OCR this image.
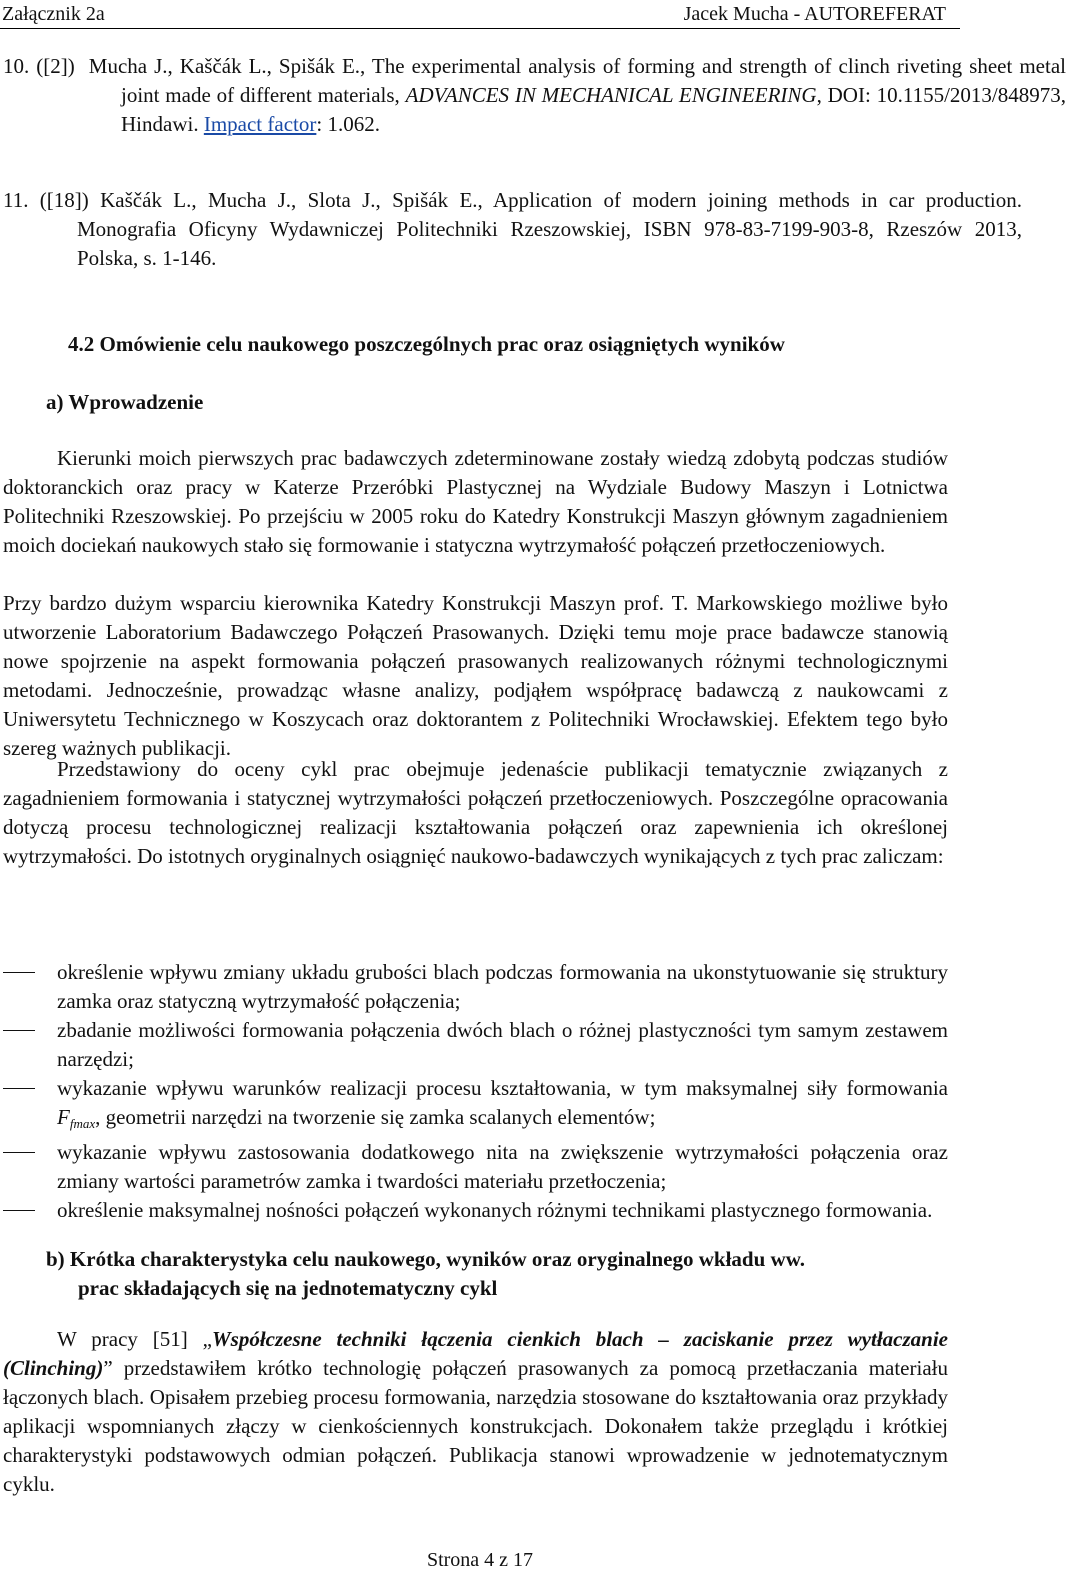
Załącznik 2a	Jacek Mucha - AUTOREFERAT
10. ([2]) Mucha J., Kaščák L., Spišák E., The experimental analysis of forming and strength of clinch riveting sheet metal joint made of different materials, ADVANCES IN MECHANICAL ENGINEERING, DOI: 10.1155/2013/848973, Hindawi. Impact factor: 1.062.
11. ([18]) Kaščák L., Mucha J., Slota J., Spišák E., Application of modern joining methods in car production. Monografia Oficyny Wydawniczej Politechniki Rzeszowskiej, ISBN 978-83-7199-903-8, Rzeszów 2013, Polska, s. 1-146.
4.2 Omówienie celu naukowego poszczególnych prac oraz osiągniętych wyników
a) Wprowadzenie
Kierunki moich pierwszych prac badawczych zdeterminowane zostały wiedzą zdobytą podczas studiów doktoranckich oraz pracy w Katerze Przeróbki Plastycznej na Wydziale Budowy Maszyn i Lotnictwa Politechniki Rzeszowskiej. Po przejściu w 2005 roku do Katedry Konstrukcji Maszyn głównym zagadnieniem moich dociekań naukowych stało się formowanie i statyczna wytrzymałość połączeń przetłoczeniowych.
Przy bardzo dużym wsparciu kierownika Katedry Konstrukcji Maszyn prof. T. Markowskiego możliwe było utworzenie Laboratorium Badawczego Połączeń Prasowanych. Dzięki temu moje prace badawcze stanowią nowe spojrzenie na aspekt formowania połączeń prasowanych realizowanych różnymi technologicznymi metodami. Jednocześnie, prowadząc własne analizy, podjąłem współpracę badawczą z naukowcami z Uniwersytetu Technicznego w Koszycach oraz doktorantem z Politechniki Wrocławskiej. Efektem tego było szereg ważnych publikacji.
Przedstawiony do oceny cykl prac obejmuje jedenaście publikacji tematycznie związanych z zagadnieniem formowania i statycznej wytrzymałości połączeń przetłoczeniowych. Poszczególne opracowania dotyczą procesu technologicznej realizacji kształtowania połączeń oraz zapewnienia ich określonej wytrzymałości. Do istotnych oryginalnych osiągnięć naukowo-badawczych wynikających z tych prac zaliczam:
określenie wpływu zmiany układu grubości blach podczas formowania na ukonstytuowanie się struktury zamka oraz statyczną wytrzymałość połączenia;
zbadanie możliwości formowania połączenia dwóch blach o różnej plastyczności tym samym zestawem narzędzi;
wykazanie wpływu warunków realizacji procesu kształtowania, w tym maksymalnej siły formowania $F_{fmax}$, geometrii narzędzi na tworzenie się zamka scalanych elementów;
wykazanie wpływu zastosowania dodatkowego nita na zwiększenie wytrzymałości połączenia oraz zmiany wartości parametrów zamka i twardości materiału przetłoczenia;
określenie maksymalnej nośności połączeń wykonanych różnymi technikami plastycznego formowania.
b) Krótka charakterystyka celu naukowego, wyników oraz oryginalnego wkładu ww.
prac składających się na jednotematyczny cykl
W pracy [51] „Współczesne techniki łączenia cienkich blach – zaciskanie przez wytłaczanie (Clinching)” przedstawiłem krótko technologię połączeń prasowanych za pomocą przetłaczania materiału łączonych blach. Opisałem przebieg procesu formowania, narzędzia stosowane do kształtowania oraz przykłady aplikacji wspomnianych złączy w cienkościennych konstrukcjach. Dokonałem także przeglądu i krótkiej charakterystyki podstawowych odmian połączeń. Publikacja stanowi wprowadzenie w jednotematycznym cyklu.
Strona 4 z 17
